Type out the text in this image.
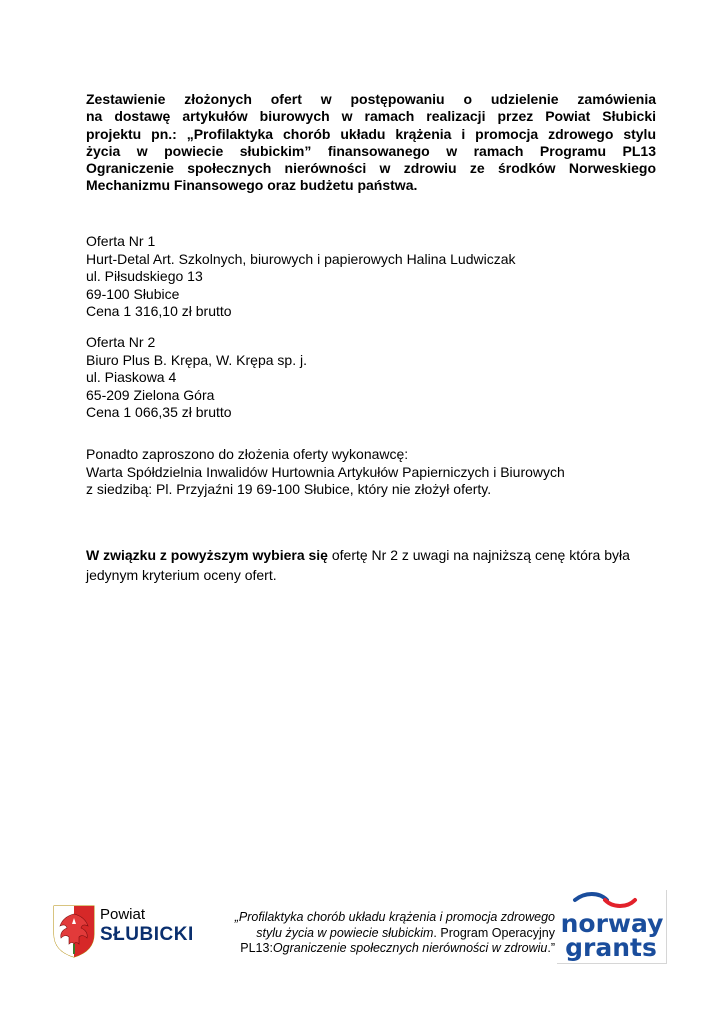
Zestawienie złożonych ofert w postępowaniu o udzielenie zamówienia
na dostawę artykułów biurowych w ramach realizacji przez Powiat Słubicki
projektu pn.: „Profilaktyka chorób układu krążenia i promocja zdrowego stylu
życia w powiecie słubickim” finansowanego w ramach Programu PL13
Ograniczenie społecznych nierówności w zdrowiu ze środków Norweskiego
Mechanizmu Finansowego oraz budżetu państwa.
Oferta Nr 1
Hurt-Detal Art. Szkolnych, biurowych i papierowych Halina Ludwiczak
ul. Piłsudskiego 13
69-100 Słubice
Cena 1 316,10 zł brutto
Oferta Nr 2
Biuro Plus B. Krępa, W. Krępa sp. j.
ul. Piaskowa 4
65-209 Zielona Góra
Cena 1 066,35 zł brutto
Ponadto zaproszono do złożenia oferty wykonawcę:
Warta Spółdzielnia Inwalidów Hurtownia Artykułów Papierniczych i Biurowych
z siedzibą: Pl. Przyjaźni 19 69-100 Słubice, który nie złożył oferty.
W związku z powyższym wybiera się ofertę Nr 2 z uwagi na najniższą cenę która była
jedynym kryterium oceny ofert.
Powiat
SŁUBICKI
„Profilaktyka chorób układu krążenia i promocja zdrowego
stylu życia w powiecie słubickim. Program Operacyjny
PL13:Ograniczenie społecznych nierówności w zdrowiu.”
norway
grants
